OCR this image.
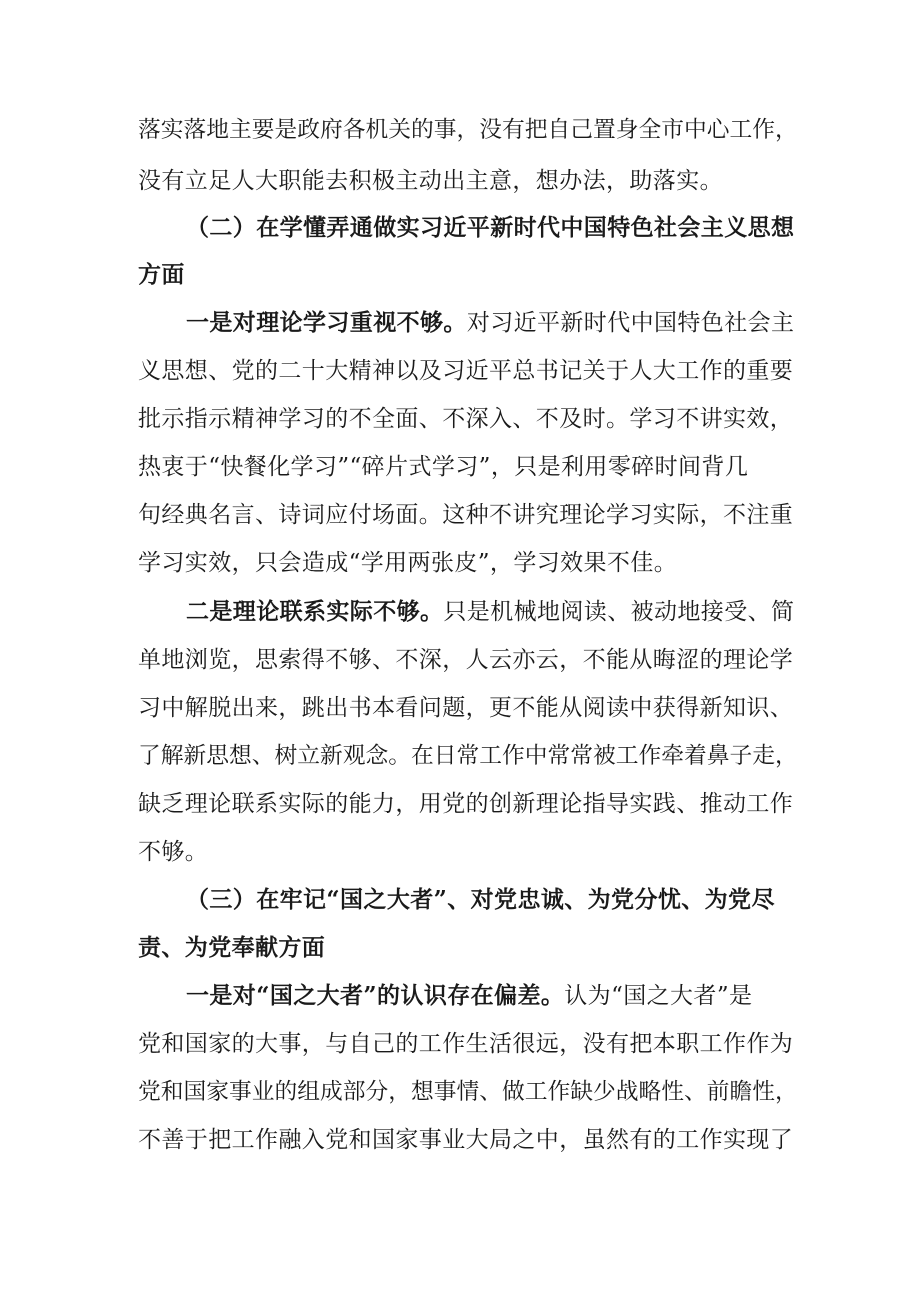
落实落地主要是政府各机关的事，没有把自己置身全市中心工作，
没有立足人大职能去积极主动出主意，想办法，助落实。
（二）在学懂弄通做实习近平新时代中国特色社会主义思想
方面
一是对理论学习重视不够。对习近平新时代中国特色社会主
义思想、党的二十大精神以及习近平总书记关于人大工作的重要
批示指示精神学习的不全面、不深入、不及时。学习不讲实效，
热衷于“快餐化学习”“碎片式学习”，只是利用零碎时间背几
句经典名言、诗词应付场面。这种不讲究理论学习实际，不注重
学习实效，只会造成“学用两张皮”，学习效果不佳。
二是理论联系实际不够。只是机械地阅读、被动地接受、简
单地浏览，思索得不够、不深，人云亦云，不能从晦涩的理论学
习中解脱出来，跳出书本看问题，更不能从阅读中获得新知识、
了解新思想、树立新观念。在日常工作中常常被工作牵着鼻子走，
缺乏理论联系实际的能力，用党的创新理论指导实践、推动工作
不够。
（三）在牢记“国之大者”、对党忠诚、为党分忧、为党尽
责、为党奉献方面
一是对“国之大者”的认识存在偏差。认为“国之大者”是
党和国家的大事，与自己的工作生活很远，没有把本职工作作为
党和国家事业的组成部分，想事情、做工作缺少战略性、前瞻性，
不善于把工作融入党和国家事业大局之中，虽然有的工作实现了
